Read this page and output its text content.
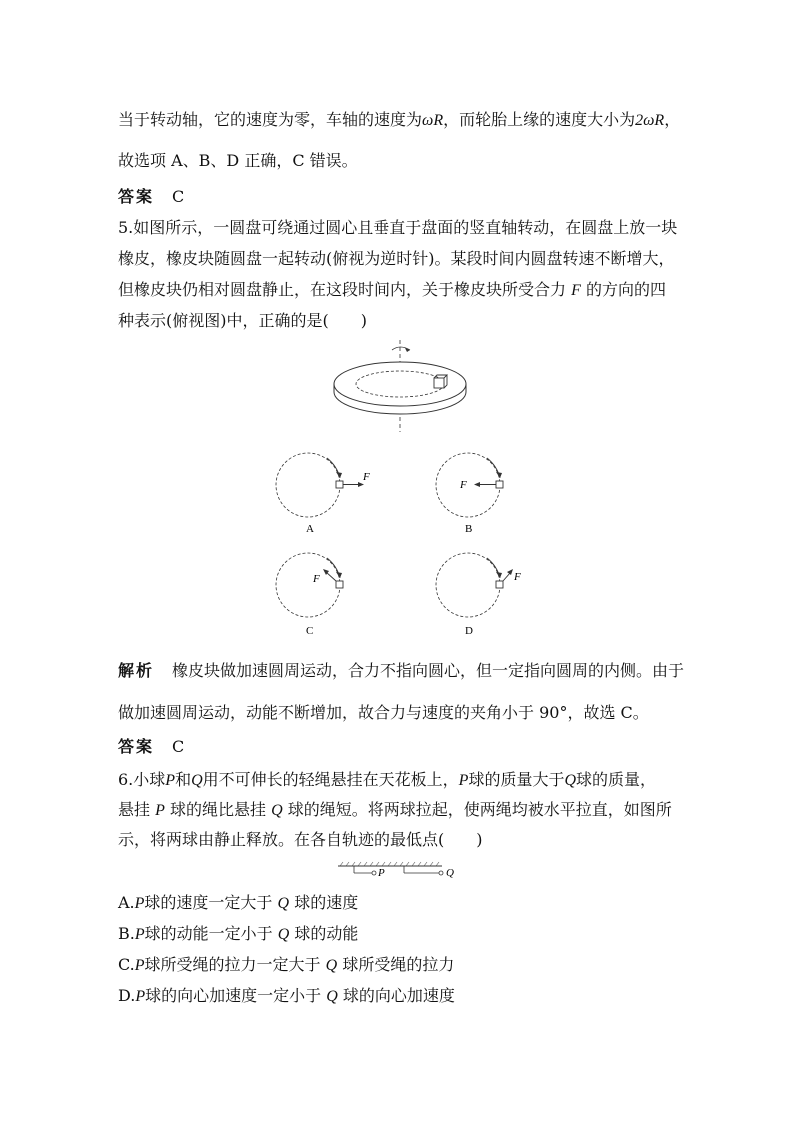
当于转动轴，它的速度为零，车轴的速度为ωR，而轮胎上缘的速度大小为2ωR，
故选项 A、B、D 正确，C 错误。
答案 C
5.如图所示，一圆盘可绕通过圆心且垂直于盘面的竖直轴转动，在圆盘上放一块
橡皮，橡皮块随圆盘一起转动(俯视为逆时针)。某段时间内圆盘转速不断增大，
但橡皮块仍相对圆盘静止，在这段时间内，关于橡皮块所受合力 F 的方向的四
种表示(俯视图)中，正确的是(　　)
F
A
F
B
F
C
F
D
解析 橡皮块做加速圆周运动，合力不指向圆心，但一定指向圆周的内侧。由于
做加速圆周运动，动能不断增加，故合力与速度的夹角小于 90°，故选 C。
答案 C
6.小球P和Q用不可伸长的轻绳悬挂在天花板上，P球的质量大于Q球的质量，
悬挂 P 球的绳比悬挂 Q 球的绳短。将两球拉起，使两绳均被水平拉直，如图所
示，将两球由静止释放。在各自轨迹的最低点(　　)
P	Q
A.P球的速度一定大于 Q 球的速度
B.P球的动能一定小于 Q 球的动能
C.P球所受绳的拉力一定大于 Q 球所受绳的拉力
D.P球的向心加速度一定小于 Q 球的向心加速度
